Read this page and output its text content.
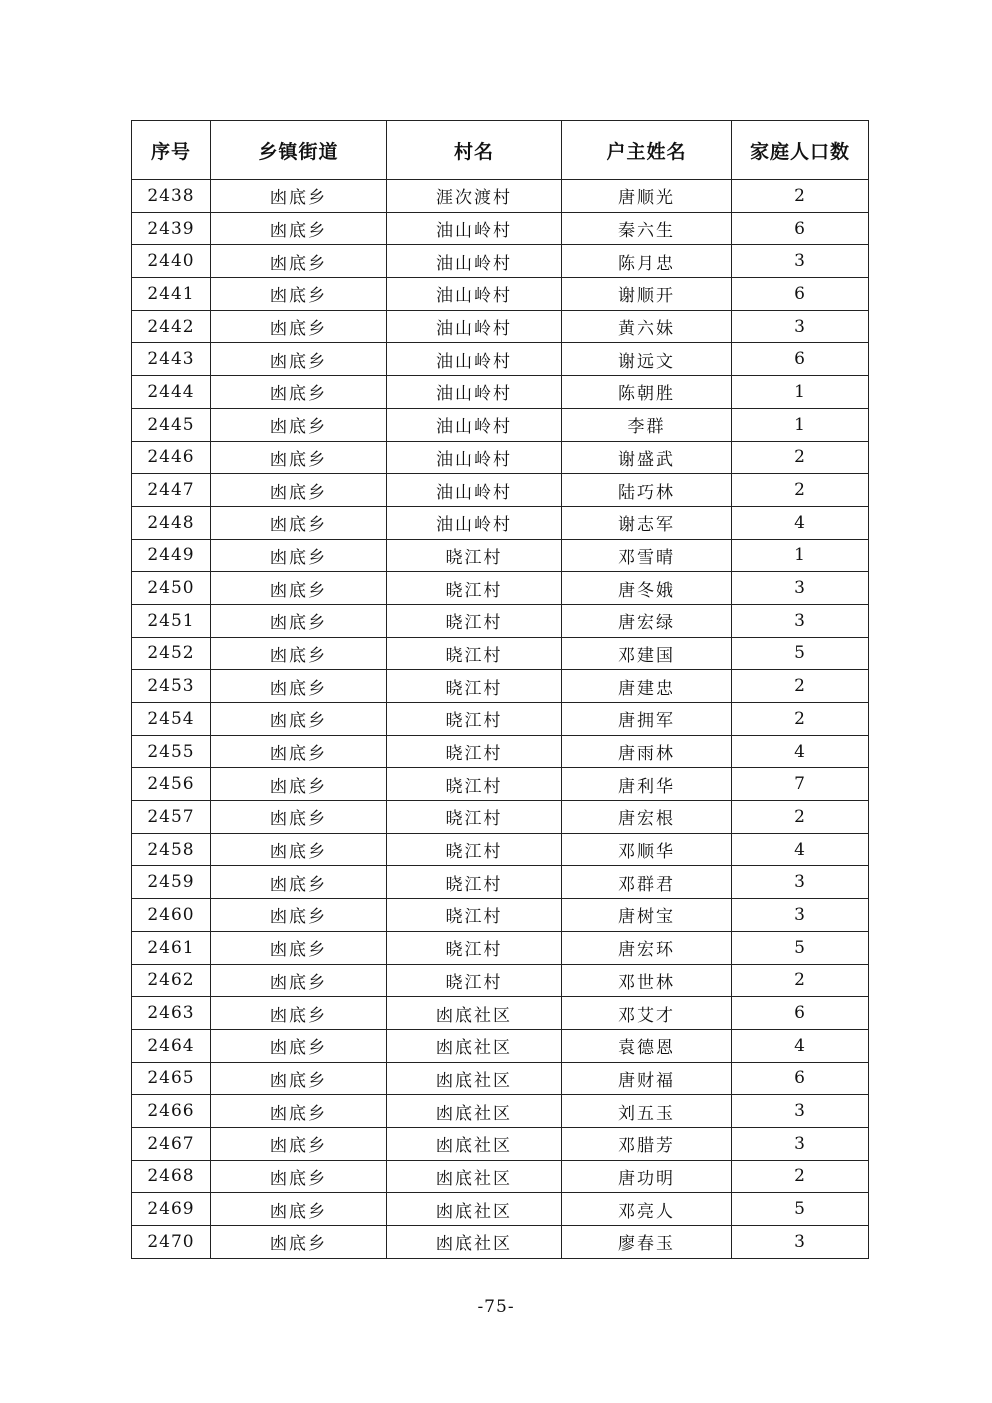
序号	乡镇街道	村名	户主姓名	家庭人口数
2438	凼底乡	涯次渡村	唐顺光	2
2439	凼底乡	油山岭村	秦六生	6
2440	凼底乡	油山岭村	陈月忠	3
2441	凼底乡	油山岭村	谢顺开	6
2442	凼底乡	油山岭村	黄六妹	3
2443	凼底乡	油山岭村	谢远文	6
2444	凼底乡	油山岭村	陈朝胜	1
2445	凼底乡	油山岭村	李群	1
2446	凼底乡	油山岭村	谢盛武	2
2447	凼底乡	油山岭村	陆巧林	2
2448	凼底乡	油山岭村	谢志军	4
2449	凼底乡	晓江村	邓雪晴	1
2450	凼底乡	晓江村	唐冬娥	3
2451	凼底乡	晓江村	唐宏绿	3
2452	凼底乡	晓江村	邓建国	5
2453	凼底乡	晓江村	唐建忠	2
2454	凼底乡	晓江村	唐拥军	2
2455	凼底乡	晓江村	唐雨林	4
2456	凼底乡	晓江村	唐利华	7
2457	凼底乡	晓江村	唐宏根	2
2458	凼底乡	晓江村	邓顺华	4
2459	凼底乡	晓江村	邓群君	3
2460	凼底乡	晓江村	唐树宝	3
2461	凼底乡	晓江村	唐宏环	5
2462	凼底乡	晓江村	邓世林	2
2463	凼底乡	凼底社区	邓艾才	6
2464	凼底乡	凼底社区	袁德恩	4
2465	凼底乡	凼底社区	唐财福	6
2466	凼底乡	凼底社区	刘五玉	3
2467	凼底乡	凼底社区	邓腊芳	3
2468	凼底乡	凼底社区	唐功明	2
2469	凼底乡	凼底社区	邓亮人	5
2470	凼底乡	凼底社区	廖春玉	3
-75-
